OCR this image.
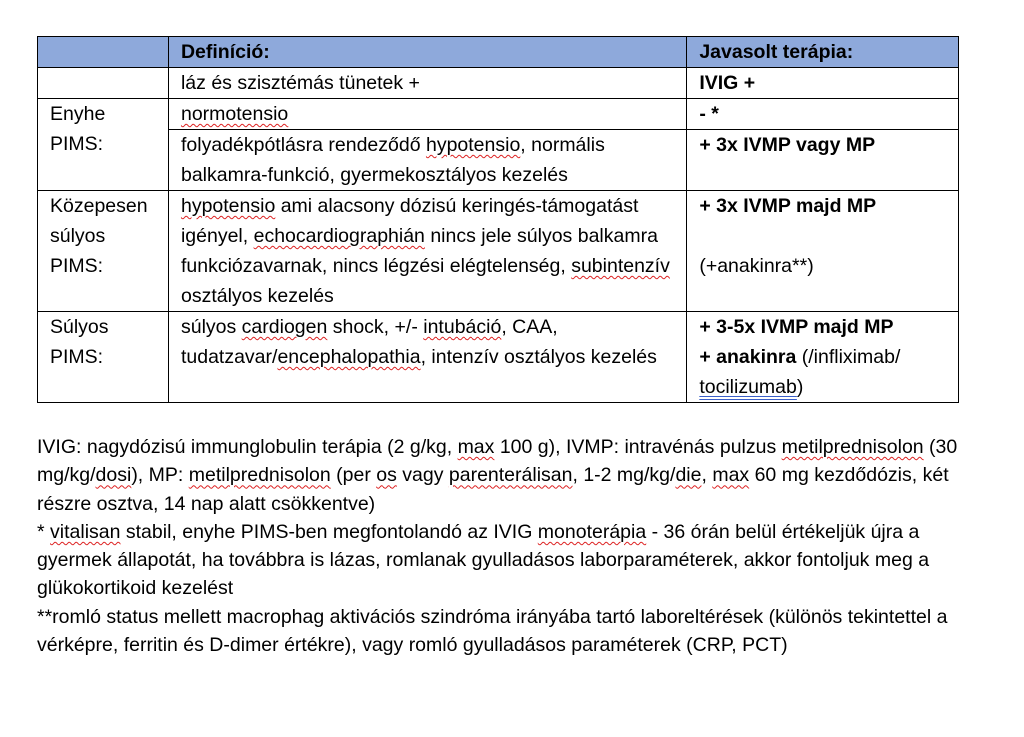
	Definíció:	Javasolt terápia:
	láz és szisztémás tünetek +	IVIG +
Enyhe
PIMS:	normotensio	- *
	folyadékpótlásra rendeződő hypotensio, normális balkamra-funkció, gyermekosztályos kezelés	+ 3x IVMP vagy MP
Közepesen
súlyos
PIMS:	hypotensio ami alacsony dózisú keringés-támogatást igényel, echocardiographián nincs jele súlyos balkamra funkciózavarnak, nincs légzési elégtelenség, subintenzív osztályos kezelés	+ 3x IVMP majd MP

(+anakinra**)
Súlyos
PIMS:	súlyos cardiogen shock, +/- intubáció, CAA, tudatzavar/encephalopathia, intenzív osztályos kezelés	+ 3-5x IVMP majd MP
+ anakinra (/infliximab/
tocilizumab)

IVIG: nagydózisú immunglobulin terápia (2 g/kg, max 100 g), IVMP: intravénás pulzus metilprednisolon (30 mg/kg/dosi), MP: metilprednisolon (per os vagy parenterálisan, 1-2 mg/kg/die, max 60 mg kezdődózis, két részre osztva, 14 nap alatt csökkentve)

* vitalisan stabil, enyhe PIMS-ben megfontolandó az IVIG monoterápia - 36 órán belül értékeljük újra a gyermek állapotát, ha továbbra is lázas, romlanak gyulladásos laborparaméterek, akkor fontoljuk meg a glükokortikoid kezelést

**romló status mellett macrophag aktivációs szindróma irányába tartó laboreltérések (különös tekintettel a vérképre, ferritin és D-dimer értékre), vagy romló gyulladásos paraméterek (CRP, PCT)
